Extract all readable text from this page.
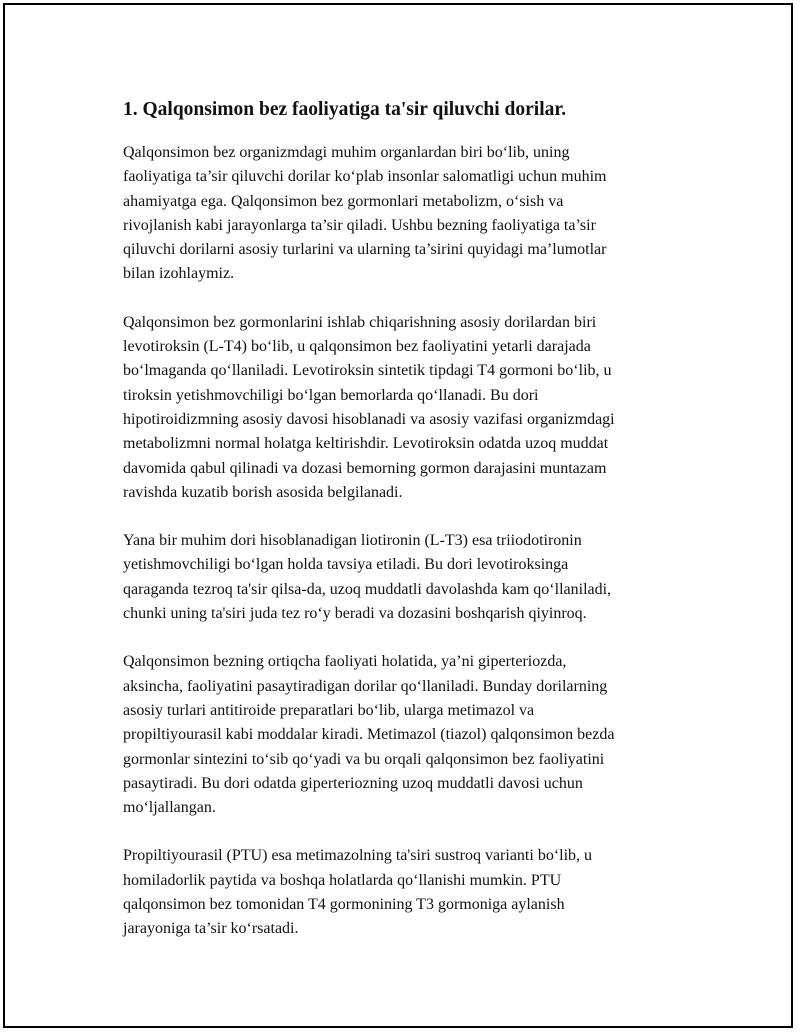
1. Qalqonsimon bez faoliyatiga ta'sir qiluvchi dorilar.

Qalqonsimon bez organizmdagi muhim organlardan biri bo‘lib, uning
faoliyatiga ta’sir qiluvchi dorilar ko‘plab insonlar salomatligi uchun muhim
ahamiyatga ega. Qalqonsimon bez gormonlari metabolizm, o‘sish va
rivojlanish kabi jarayonlarga ta’sir qiladi. Ushbu bezning faoliyatiga ta’sir
qiluvchi dorilarni asosiy turlarini va ularning ta’sirini quyidagi ma’lumotlar
bilan izohlaymiz.

Qalqonsimon bez gormonlarini ishlab chiqarishning asosiy dorilardan biri
levotiroksin (L-T4) bo‘lib, u qalqonsimon bez faoliyatini yetarli darajada
bo‘lmaganda qo‘llaniladi. Levotiroksin sintetik tipdagi T4 gormoni bo‘lib, u
tiroksin yetishmovchiligi bo‘lgan bemorlarda qo‘llanadi. Bu dori
hipotiroidizmning asosiy davosi hisoblanadi va asosiy vazifasi organizmdagi
metabolizmni normal holatga keltirishdir. Levotiroksin odatda uzoq muddat
davomida qabul qilinadi va dozasi bemorning gormon darajasini muntazam
ravishda kuzatib borish asosida belgilanadi.

Yana bir muhim dori hisoblanadigan liotironin (L-T3) esa triiodotironin
yetishmovchiligi bo‘lgan holda tavsiya etiladi. Bu dori levotiroksinga
qaraganda tezroq ta'sir qilsa-da, uzoq muddatli davolashda kam qo‘llaniladi,
chunki uning ta'siri juda tez ro‘y beradi va dozasini boshqarish qiyinroq.

Qalqonsimon bezning ortiqcha faoliyati holatida, ya’ni giperteriozda,
aksincha, faoliyatini pasaytiradigan dorilar qo‘llaniladi. Bunday dorilarning
asosiy turlari antitiroide preparatlari bo‘lib, ularga metimazol va
propiltiyourasil kabi moddalar kiradi. Metimazol (tiazol) qalqonsimon bezda
gormonlar sintezini to‘sib qo‘yadi va bu orqali qalqonsimon bez faoliyatini
pasaytiradi. Bu dori odatda giperteriozning uzoq muddatli davosi uchun
mo‘ljallangan.

Propiltiyourasil (PTU) esa metimazolning ta'siri sustroq varianti bo‘lib, u
homiladorlik paytida va boshqa holatlarda qo‘llanishi mumkin. PTU
qalqonsimon bez tomonidan T4 gormonining T3 gormoniga aylanish
jarayoniga ta’sir ko‘rsatadi.
